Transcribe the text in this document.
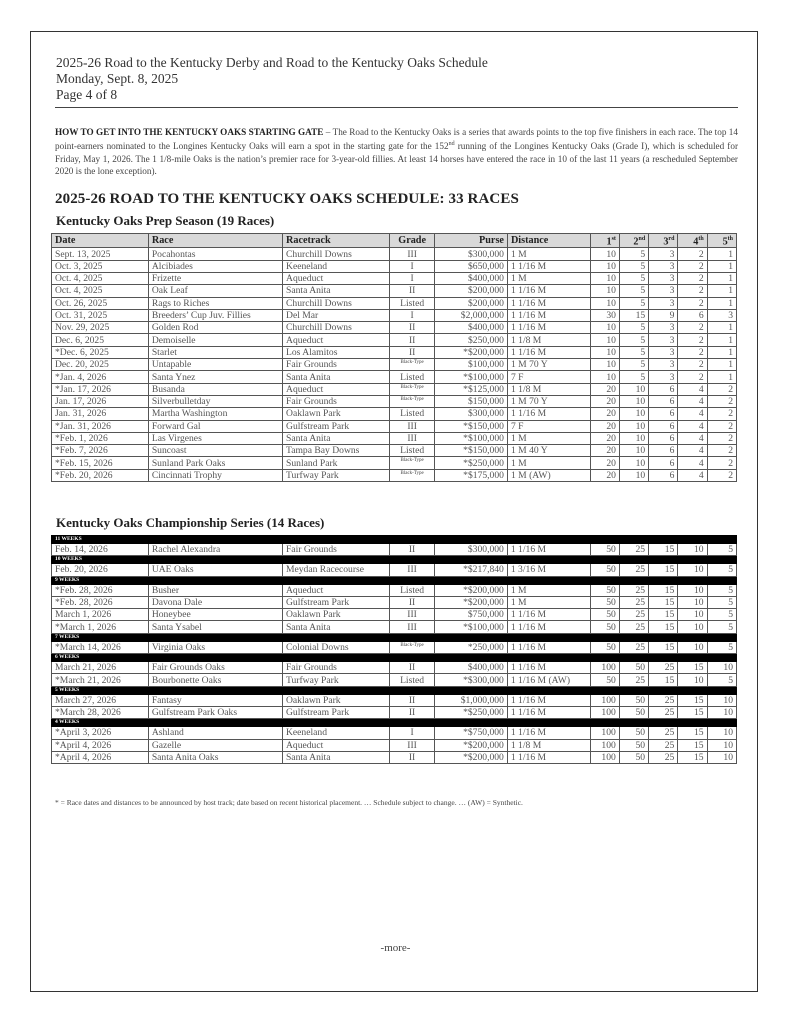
2025-26 Road to the Kentucky Derby and Road to the Kentucky Oaks Schedule
Monday, Sept. 8, 2025
Page 4 of 8
HOW TO GET INTO THE KENTUCKY OAKS STARTING GATE – The Road to the Kentucky Oaks is a series that awards points to the top five finishers in each race. The top 14 point-earners nominated to the Longines Kentucky Oaks will earn a spot in the starting gate for the 152nd running of the Longines Kentucky Oaks (Grade I), which is scheduled for Friday, May 1, 2026. The 1 1/8-mile Oaks is the nation’s premier race for 3-year-old fillies. At least 14 horses have entered the race in 10 of the last 11 years (a rescheduled September 2020 is the lone exception).
2025-26 ROAD TO THE KENTUCKY OAKS SCHEDULE: 33 RACES
Kentucky Oaks Prep Season (19 Races)
Date	Race	Racetrack	Grade	Purse	Distance	1st	2nd	3rd	4th	5th
Sept. 13, 2025	Pocahontas	Churchill Downs	III	$300,000	1 M	10	5	3	2	1
Oct. 3, 2025	Alcibiades	Keeneland	I	$650,000	1 1/16 M	10	5	3	2	1
Oct. 4, 2025	Frizette	Aqueduct	I	$400,000	1 M	10	5	3	2	1
Oct. 4, 2025	Oak Leaf	Santa Anita	II	$200,000	1 1/16 M	10	5	3	2	1
Oct. 26, 2025	Rags to Riches	Churchill Downs	Listed	$200,000	1 1/16 M	10	5	3	2	1
Oct. 31, 2025	Breeders’ Cup Juv. Fillies	Del Mar	I	$2,000,000	1 1/16 M	30	15	9	6	3
Nov. 29, 2025	Golden Rod	Churchill Downs	II	$400,000	1 1/16 M	10	5	3	2	1
Dec. 6, 2025	Demoiselle	Aqueduct	II	$250,000	1 1/8 M	10	5	3	2	1
*Dec. 6, 2025	Starlet	Los Alamitos	II	*$200,000	1 1/16 M	10	5	3	2	1
Dec. 20, 2025	Untapable	Fair Grounds	Black-Type	$100,000	1 M 70 Y	10	5	3	2	1
*Jan. 4, 2026	Santa Ynez	Santa Anita	Listed	*$100,000	7 F	10	5	3	2	1
*Jan. 17, 2026	Busanda	Aqueduct	Black-Type	*$125,000	1 1/8 M	20	10	6	4	2
Jan. 17, 2026	Silverbulletday	Fair Grounds	Black-Type	$150,000	1 M 70 Y	20	10	6	4	2
Jan. 31, 2026	Martha Washington	Oaklawn Park	Listed	$300,000	1 1/16 M	20	10	6	4	2
*Jan. 31, 2026	Forward Gal	Gulfstream Park	III	*$150,000	7 F	20	10	6	4	2
*Feb. 1, 2026	Las Virgenes	Santa Anita	III	*$100,000	1 M	20	10	6	4	2
*Feb. 7, 2026	Suncoast	Tampa Bay Downs	Listed	*$150,000	1 M 40 Y	20	10	6	4	2
*Feb. 15, 2026	Sunland Park Oaks	Sunland Park	Black-Type	*$250,000	1 M	20	10	6	4	2
*Feb. 20, 2026	Cincinnati Trophy	Turfway Park	Black-Type	*$175,000	1 M (AW)	20	10	6	4	2
Kentucky Oaks Championship Series (14 Races)
11 WEEKS										
Feb. 14, 2026	Rachel Alexandra	Fair Grounds	II	$300,000	1 1/16 M	50	25	15	10	5
10 WEEKS										
Feb. 20, 2026	UAE Oaks	Meydan Racecourse	III	*$217,840	1 3/16 M	50	25	15	10	5
9 WEEKS										
*Feb. 28, 2026	Busher	Aqueduct	Listed	*$200,000	1 M	50	25	15	10	5
*Feb. 28, 2026	Davona Dale	Gulfstream Park	II	*$200,000	1 M	50	25	15	10	5
March 1, 2026	Honeybee	Oaklawn Park	III	$750,000	1 1/16 M	50	25	15	10	5
*March 1, 2026	Santa Ysabel	Santa Anita	III	*$100,000	1 1/16 M	50	25	15	10	5
7 WEEKS										
*March 14, 2026	Virginia Oaks	Colonial Downs	Black-Type	*250,000	1 1/16 M	50	25	15	10	5
6 WEEKS										
March 21, 2026	Fair Grounds Oaks	Fair Grounds	II	$400,000	1 1/16 M	100	50	25	15	10
*March 21, 2026	Bourbonette Oaks	Turfway Park	Listed	*$300,000	1 1/16 M (AW)	50	25	15	10	5
5 WEEKS										
March 27, 2026	Fantasy	Oaklawn Park	II	$1,000,000	1 1/16 M	100	50	25	15	10
*March 28, 2026	Gulfstream Park Oaks	Gulfstream Park	II	*$250,000	1 1/16 M	100	50	25	15	10
4 WEEKS										
*April 3, 2026	Ashland	Keeneland	I	*$750,000	1 1/16 M	100	50	25	15	10
*April 4, 2026	Gazelle	Aqueduct	III	*$200,000	1 1/8 M	100	50	25	15	10
*April 4, 2026	Santa Anita Oaks	Santa Anita	II	*$200,000	1 1/16 M	100	50	25	15	10
* = Race dates and distances to be announced by host track; date based on recent historical placement. … Schedule subject to change. … (AW) = Synthetic.
-more-
